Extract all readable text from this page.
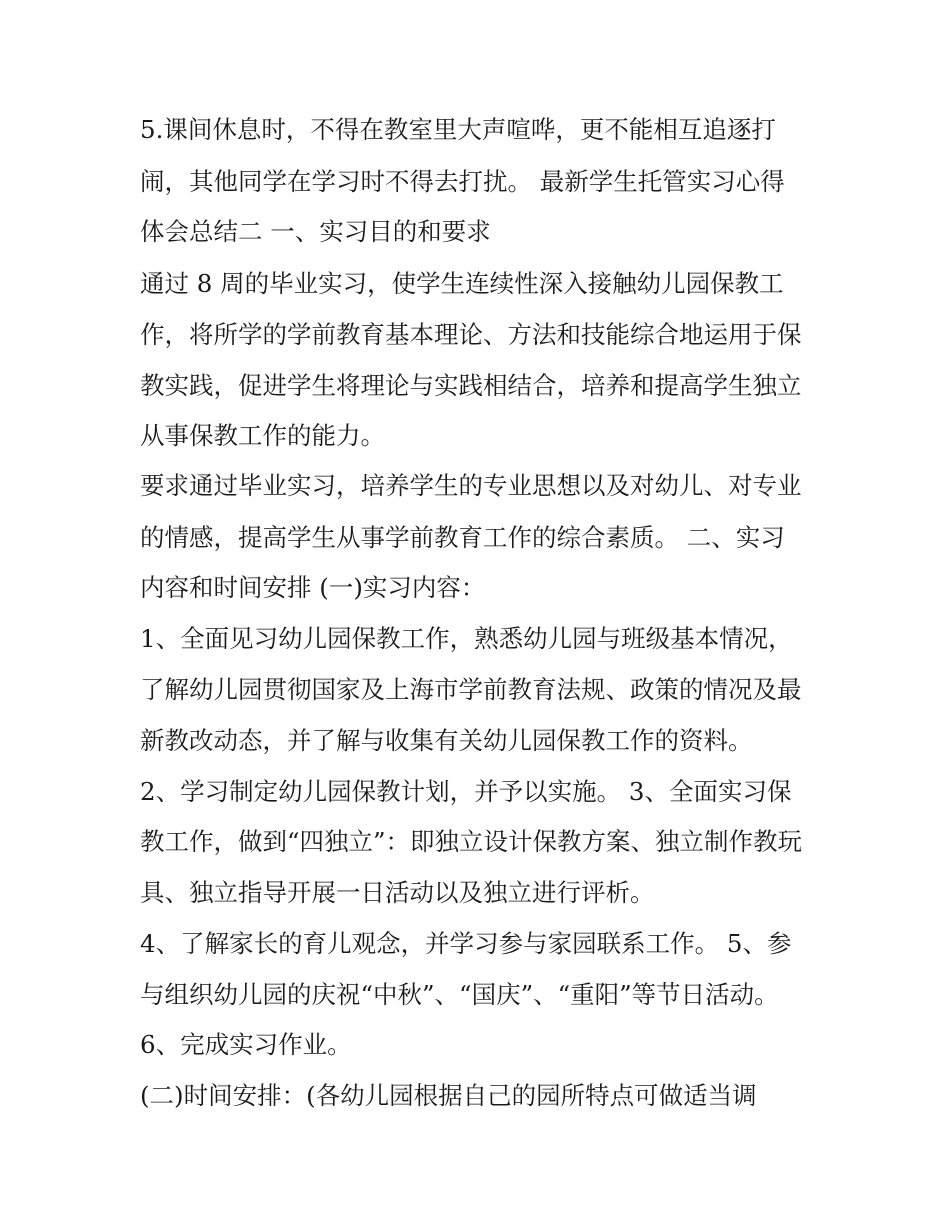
5.课间休息时，不得在教室里大声喧哗，更不能相互追逐打
闹，其他同学在学习时不得去打扰。 最新学生托管实习心得
体会总结二 一、实习目的和要求
通过 8 周的毕业实习，使学生连续性深入接触幼儿园保教工
作，将所学的学前教育基本理论、方法和技能综合地运用于保
教实践，促进学生将理论与实践相结合，培养和提高学生独立
从事保教工作的能力。
要求通过毕业实习，培养学生的专业思想以及对幼儿、对专业
的情感，提高学生从事学前教育工作的综合素质。 二、实习
内容和时间安排 (一)实习内容：
1、全面见习幼儿园保教工作，熟悉幼儿园与班级基本情况，
了解幼儿园贯彻国家及上海市学前教育法规、政策的情况及最
新教改动态，并了解与收集有关幼儿园保教工作的资料。
2、学习制定幼儿园保教计划，并予以实施。 3、全面实习保
教工作，做到“四独立”：即独立设计保教方案、独立制作教玩
具、独立指导开展一日活动以及独立进行评析。
4、了解家长的育儿观念，并学习参与家园联系工作。 5、参
与组织幼儿园的庆祝“中秋”、“国庆”、“重阳”等节日活动。
6、完成实习作业。
(二)时间安排：(各幼儿园根据自己的园所特点可做适当调
